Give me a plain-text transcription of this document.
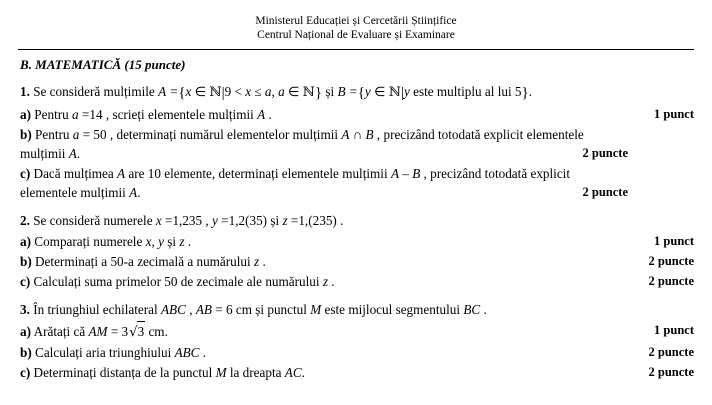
Ministerul Educației și Cercetării Științifice
Centrul Național de Evaluare și Examinare
B. MATEMATICĂ (15 puncte)
1. Se consideră mulțimile A ={x ∈ ℕ|9 < x ≤ a, a ∈ ℕ} și B ={y ∈ ℕ|y este multiplu al lui 5}.
a) Pentru a =14 , scrieți elementele mulțimii A .	1 punct
b) Pentru a = 50 , determinați numărul elementelor mulțimii A ∩ B , precizând totodată explicit elementele mulțimii A.	2 puncte
c) Dacă mulțimea A are 10 elemente, determinați elementele mulțimii A – B , precizând totodată explicit elementele mulțimii A.	2 puncte
2. Se consideră numerele x =1,235 , y =1,2(35) și z =1,(235) .
a) Comparați numerele x, y și z .	1 punct
b) Determinați a 50-a zecimală a numărului z .	2 puncte
c) Calculați suma primelor 50 de zecimale ale numărului z .	2 puncte
3. În triunghiul echilateral ABC , AB = 6 cm și punctul M este mijlocul segmentului BC .
a) Arătați că AM = 3√3 cm.	1 punct
b) Calculați aria triunghiului ABC .	2 puncte
c) Determinați distanța de la punctul M la dreapta AC.	2 puncte
